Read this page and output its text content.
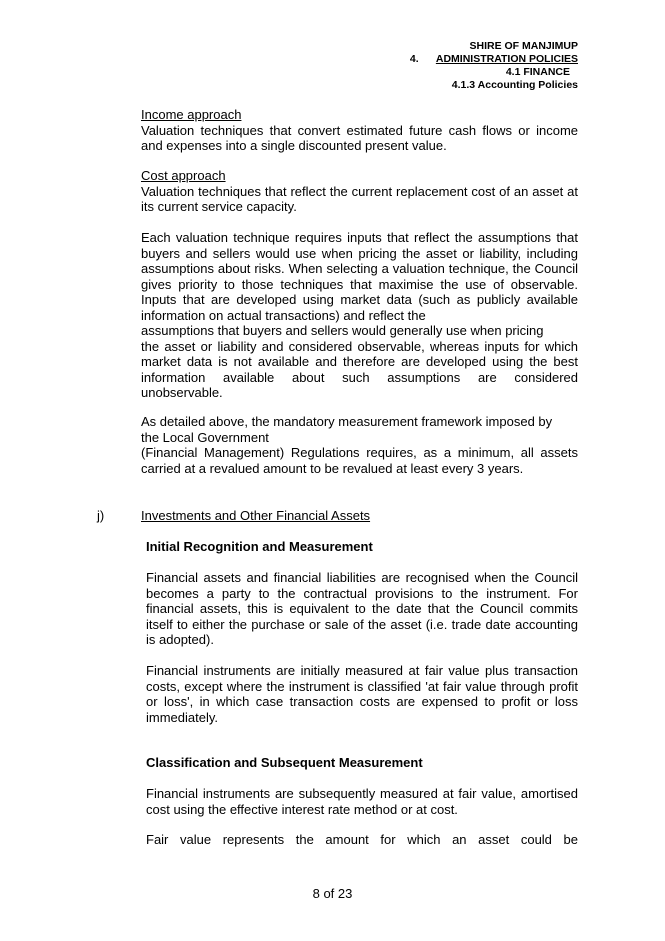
SHIRE OF MANJIMUP
4. ADMINISTRATION POLICIES
4.1 FINANCE
4.1.3 Accounting Policies
Income approach
Valuation techniques that convert estimated future cash flows or income and expenses into a single discounted present value.
Cost approach
Valuation techniques that reflect the current replacement cost of an asset at its current service capacity.
Each valuation technique requires inputs that reflect the assumptions that buyers and sellers would use when pricing the asset or liability, including assumptions about risks. When selecting a valuation technique, the Council gives priority to those techniques that maximise the use of observable. Inputs that are developed using market data (such as publicly available information on actual transactions) and reflect the
assumptions that buyers and sellers would generally use when pricing
the asset or liability and considered observable, whereas inputs for which market data is not available and therefore are developed using the best information available about such assumptions are considered unobservable.
As detailed above, the mandatory measurement framework imposed by the Local Government
(Financial Management) Regulations requires, as a minimum, all assets carried at a revalued amount to be revalued at least every 3 years.
j)	Investments and Other Financial Assets
Initial Recognition and Measurement
Financial assets and financial liabilities are recognised when the Council becomes a party to the contractual provisions to the instrument. For financial assets, this is equivalent to the date that the Council commits itself to either the purchase or sale of the asset (i.e. trade date accounting is adopted).
Financial instruments are initially measured at fair value plus transaction costs, except where the instrument is classified 'at fair value through profit or loss', in which case transaction costs are expensed to profit or loss immediately.
Classification and Subsequent Measurement
Financial instruments are subsequently measured at fair value, amortised cost using the effective interest rate method or at cost.
Fair value represents the amount for which an asset could be
8 of 23
